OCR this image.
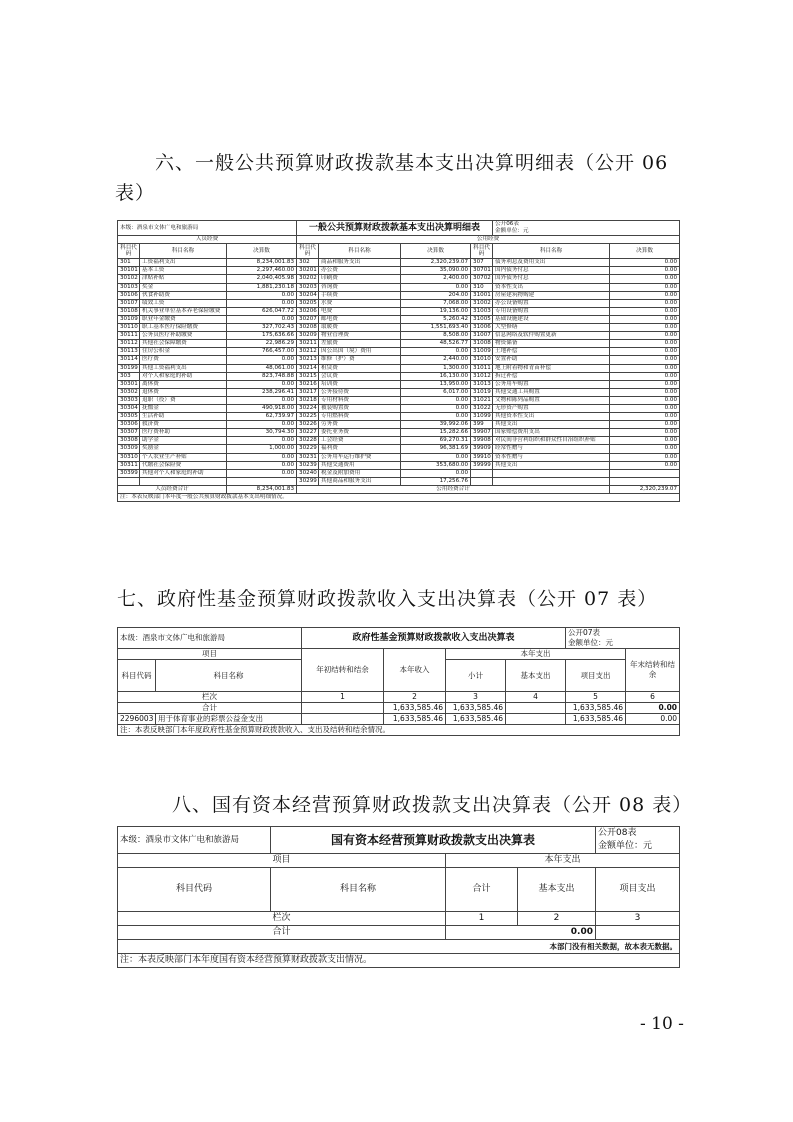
六、一般公共预算财政拨款基本支出决算明细表（公开 06
表）
本级：酒泉市文体广电和旅游局			一般公共预算财政拨款基本支出决算明细表				公开06表
金额单位：元	

人员经费			公用经费					
科目代码	科目名称	决算数	科目代码	科目名称	决算数	科目代码	科目名称	决算数
301	工资福利支出	8,234,001.83	302	商品和服务支出	2,320,239.07	307	债务利息及费用支出	0.00
30101	基本工资	2,297,460.00	30201	办公费	35,090.00	30701	国内债务付息	0.00
30102	津贴补贴	2,040,405.98	30202	印刷费	2,400.00	30702	国外债务付息	0.00
30103	奖金	1,881,230.18	30203	咨询费	0.00	310	资本性支出	0.00
30106	伙食补助费	0.00	30204	手续费	204.00	31001	房屋建筑物购建	0.00
30107	绩效工资	0.00	30205	水费	7,068.00	31002	办公设备购置	0.00
30108	机关事业单位基本养老保险缴费	626,047.72	30206	电费	19,136.00	31003	专用设备购置	0.00
30109	职业年金缴费	0.00	30207	邮电费	5,260.42	31005	基础设施建设	0.00
30110	职工基本医疗保险缴费	327,702.43	30208	取暖费	1,551,693.40	31006	大型修缮	0.00
30111	公务员医疗补助缴费	175,636.66	30209	物业管理费	8,508.00	31007	信息网络及软件购置更新	0.00
30112	其他社会保障缴费	22,986.29	30211	差旅费	48,526.77	31008	物资储备	0.00
30113	住房公积金	766,457.00	30212	因公出国（境）费用	0.00	31009	土地补偿	0.00
30114	医疗费	0.00	30213	维修（护）费	2,440.00	31010	安置补助	0.00
30199	其他工资福利支出	48,061.00	30214	租赁费	1,300.00	31011	地上附着物和青苗补偿	0.00
303	对个人和家庭的补助	823,748.88	30215	会议费	16,130.00	31012	拆迁补偿	0.00
30301	离休费	0.00	30216	培训费	13,950.00	31013	公务用车购置	0.00
30302	退休费	238,296.41	30217	公务接待费	6,017.00	31019	其他交通工具购置	0.00
30303	退职（役）费	0.00	30218	专用材料费	0.00	31021	文物和陈列品购置	0.00
30304	抚恤金	490,918.00	30224	被装购置费	0.00	31022	无形资产购置	0.00
30305	生活补助	62,739.97	30225	专用燃料费	0.00	31099	其他资本性支出	0.00
30306	救济费	0.00	30226	劳务费	39,992.06	399	其他支出	0.00
30307	医疗费补助	30,794.30	30227	委托业务费	15,282.66	39907	国家赔偿费用支出	0.00
30308	助学金	0.00	30228	工会经费	69,270.31	39908	对民间非营利组织和群众性自治组织补贴	0.00
30309	奖励金	1,000.00	30229	福利费	96,381.69	39909	经常性赠与	0.00
30310	个人农业生产补贴	0.00	30231	公务用车运行维护费	0.00	39910	资本性赠与	0.00
30311	代缴社会保险费	0.00	30239	其他交通费用	353,680.00	39999	其他支出	0.00
30399	其他对个人和家庭的补助	0.00	30240	税金及附加费用	0.00			
			30299	其他商品和服务支出	17,256.76			
人员经费合计		8,234,001.83	公用经费合计					2,320,239.07
注：本表反映部门本年度一般公共预算财政拨款基本支出明细情况。								
七、政府性基金预算财政拨款收入支出决算表（公开 07 表）
本级：酒泉市文体广电和旅游局		政府性基金预算财政拨款收入支出决算表				公开07表
金额单位：元	

项目		年初结转和结余	本年收入	本年支出			年末结转和结余
科目代码	科目名称			小计	基本支出	项目支出	
栏次		1	2	3	4	5	6
合计			1,633,585.46	1,633,585.46		1,633,585.46	0.00
2296003	用于体育事业的彩票公益金支出		1,633,585.46	1,633,585.46		1,633,585.46	0.00
注：本表反映部门本年度政府性基金预算财政拨款收入、支出及结转和结余情况。							
八、国有资本经营预算财政拨款支出决算表（公开 08 表）
本级：酒泉市文体广电和旅游局	国有资本经营预算财政拨款支出决算表			公开08表
金额单位：元

项目		本年支出		
科目代码	科目名称	合计	基本支出	项目支出
栏次		1	2	3
合计		0.00		
本部门没有相关数据，故本表无数据。				
注：本表反映部门本年度国有资本经营预算财政拨款支出情况。				
- 10 -
